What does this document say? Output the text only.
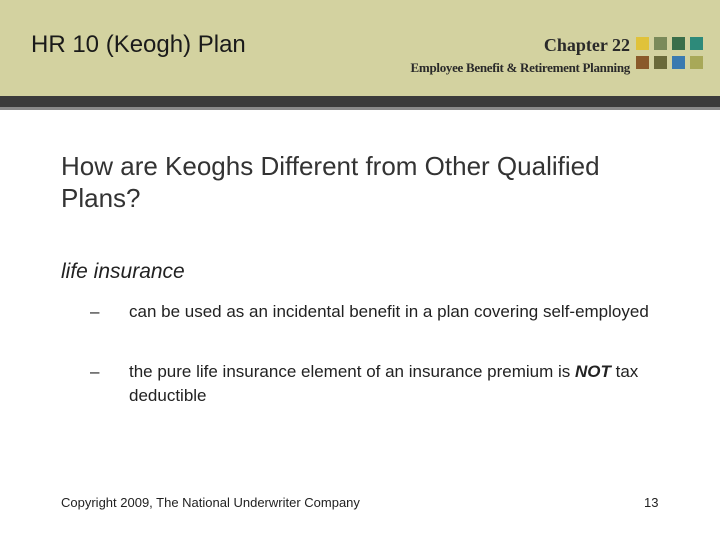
HR 10 (Keogh) Plan	Chapter 22
Employee Benefit & Retirement Planning
How are Keoghs Different from Other Qualified Plans?
life insurance
– can be used as an incidental benefit in a plan covering self-employed
– the pure life insurance element of an insurance premium is NOT tax deductible
Copyright 2009, The National Underwriter Company	13
